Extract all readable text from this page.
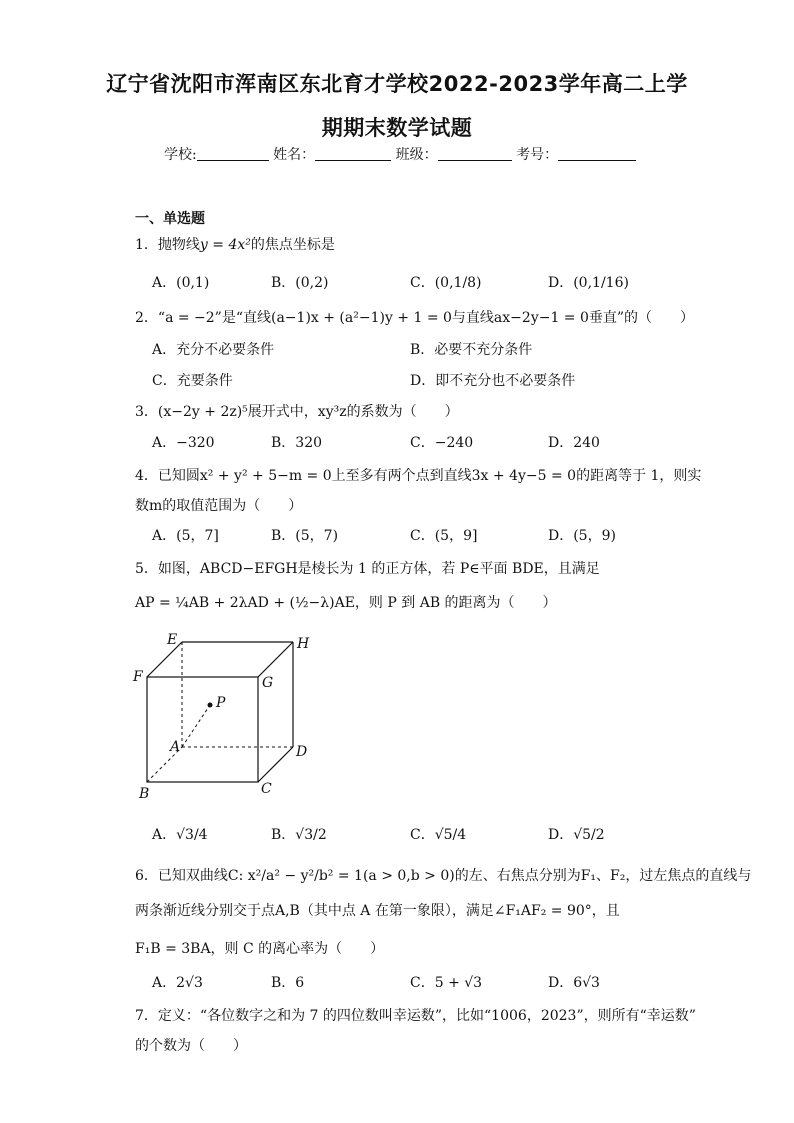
辽宁省沈阳市浑南区东北育才学校2022-2023学年高二上学
期期末数学试题
学校:	姓名：	班级：	考号：
一、单选题
1．抛物线y = 4x²的焦点坐标是
A．(0,1)	B．(0,2)	C．(0,1/8)	D．(0,1/16)
2．“a = −2”是“直线(a−1)x + (a²−1)y + 1 = 0与直线ax−2y−1 = 0垂直”的（　　）
A．充分不必要条件	B．必要不充分条件
C．充要条件	D．即不充分也不必要条件
3．(x−2y + 2z)⁵展开式中，xy³z的系数为（　　）
A．−320	B．320	C．−240	D．240
4．已知圆x² + y² + 5−m = 0上至多有两个点到直线3x + 4y−5 = 0的距离等于 1，则实
数m的取值范围为（　　）
A．(5，7]	B．(5，7)	C．(5，9]	D．(5，9)
5．如图，ABCD−EFGH是棱长为 1 的正方体，若 P∈平面 BDE，且满足
AP = ¼AB + 2λAD + (½−λ)AE，则 P 到 AB 的距离为（　　）
E	H
F	G
P
A	D
B	C
A．√3/4	B．√3/2	C．√5/4	D．√5/2
6．已知双曲线C: x²/a² − y²/b² = 1(a > 0,b > 0)的左、右焦点分别为F₁、F₂，过左焦点的直线与
两条渐近线分别交于点A,B（其中点 A 在第一象限），满足∠F₁AF₂ = 90°，且
F₁B = 3BA，则 C 的离心率为（　　）
A．2√3	B．6	C．5 + √3	D．6√3
7．定义：“各位数字之和为 7 的四位数叫幸运数”，比如“1006，2023”，则所有“幸运数”
的个数为（　　）
